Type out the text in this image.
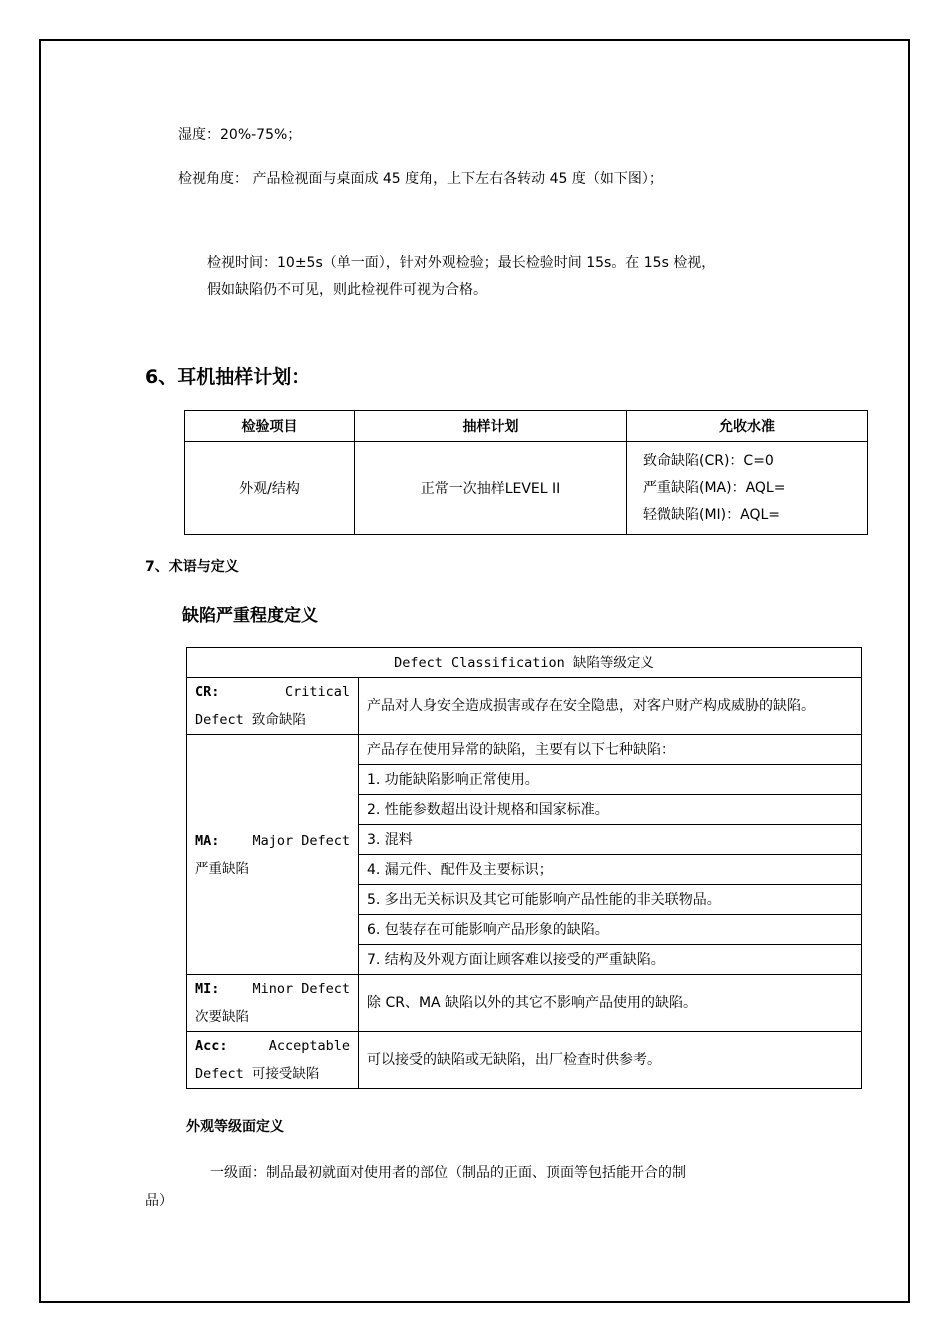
湿度：20%-75%；
检视角度： 产品检视面与桌面成 45 度角，上下左右各转动 45 度（如下图）；
检视时间：10±5s（单一面），针对外观检验；最长检验时间 15s。在 15s 检视，
假如缺陷仍不可见，则此检视件可视为合格。
6、耳机抽样计划：
检验项目	抽样计划	允收水准
外观/结构	正常一次抽样LEVEL II	致命缺陷(CR)：C=0
严重缺陷(MA)：AQL=
轻微缺陷(MI)：AQL=
7、术语与定义
缺陷严重程度定义
Defect Classification 缺陷等级定义	

CR: Critical
Defect 致命缺陷	产品对人身安全造成损害或存在安全隐患，对客户财产构成威胁的缺陷。

MA: Major Defect
严重缺陷	产品存在使用异常的缺陷，主要有以下七种缺陷：
	1. 功能缺陷影响正常使用。
	2. 性能参数超出设计规格和国家标准。
	3. 混料
	4. 漏元件、配件及主要标识；
	5. 多出无关标识及其它可能影响产品性能的非关联物品。
	6. 包装存在可能影响产品形象的缺陷。
	7. 结构及外观方面让顾客难以接受的严重缺陷。

MI: Minor Defect
次要缺陷	除 CR、MA 缺陷以外的其它不影响产品使用的缺陷。

Acc: Acceptable
Defect 可接受缺陷	可以接受的缺陷或无缺陷，出厂检查时供参考。
外观等级面定义
一级面：制品最初就面对使用者的部位（制品的正面、顶面等包括能开合的制
品）
